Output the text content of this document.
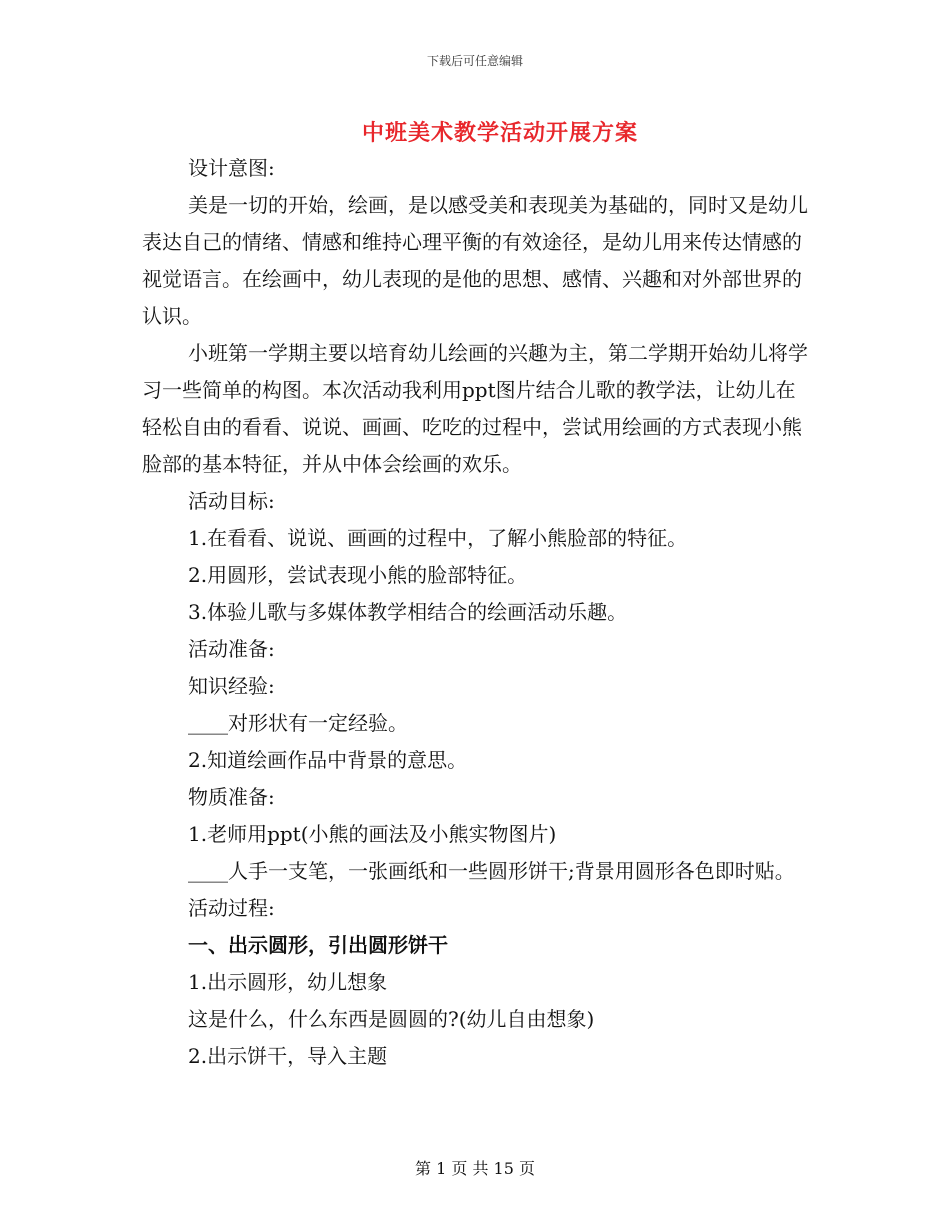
下载后可任意编辑
中班美术教学活动开展方案

设计意图:

美是一切的开始，绘画，是以感受美和表现美为基础的，同时又是幼儿表达自己的情绪、情感和维持心理平衡的有效途径，是幼儿用来传达情感的视觉语言。在绘画中，幼儿表现的是他的思想、感情、兴趣和对外部世界的认识。

小班第一学期主要以培育幼儿绘画的兴趣为主，第二学期开始幼儿将学习一些简单的构图。本次活动我利用ppt图片结合儿歌的教学法，让幼儿在轻松自由的看看、说说、画画、吃吃的过程中，尝试用绘画的方式表现小熊脸部的基本特征，并从中体会绘画的欢乐。

活动目标:

1.在看看、说说、画画的过程中，了解小熊脸部的特征。

2.用圆形，尝试表现小熊的脸部特征。

3.体验儿歌与多媒体教学相结合的绘画活动乐趣。

活动准备:

知识经验:

____对形状有一定经验。

2.知道绘画作品中背景的意思。

物质准备:

1.老师用ppt(小熊的画法及小熊实物图片)

____人手一支笔，一张画纸和一些圆形饼干;背景用圆形各色即时贴。

活动过程:

一、出示圆形，引出圆形饼干

1.出示圆形，幼儿想象

这是什么，什么东西是圆圆的?(幼儿自由想象)

2.出示饼干，导入主题

第 1 页 共 15 页
